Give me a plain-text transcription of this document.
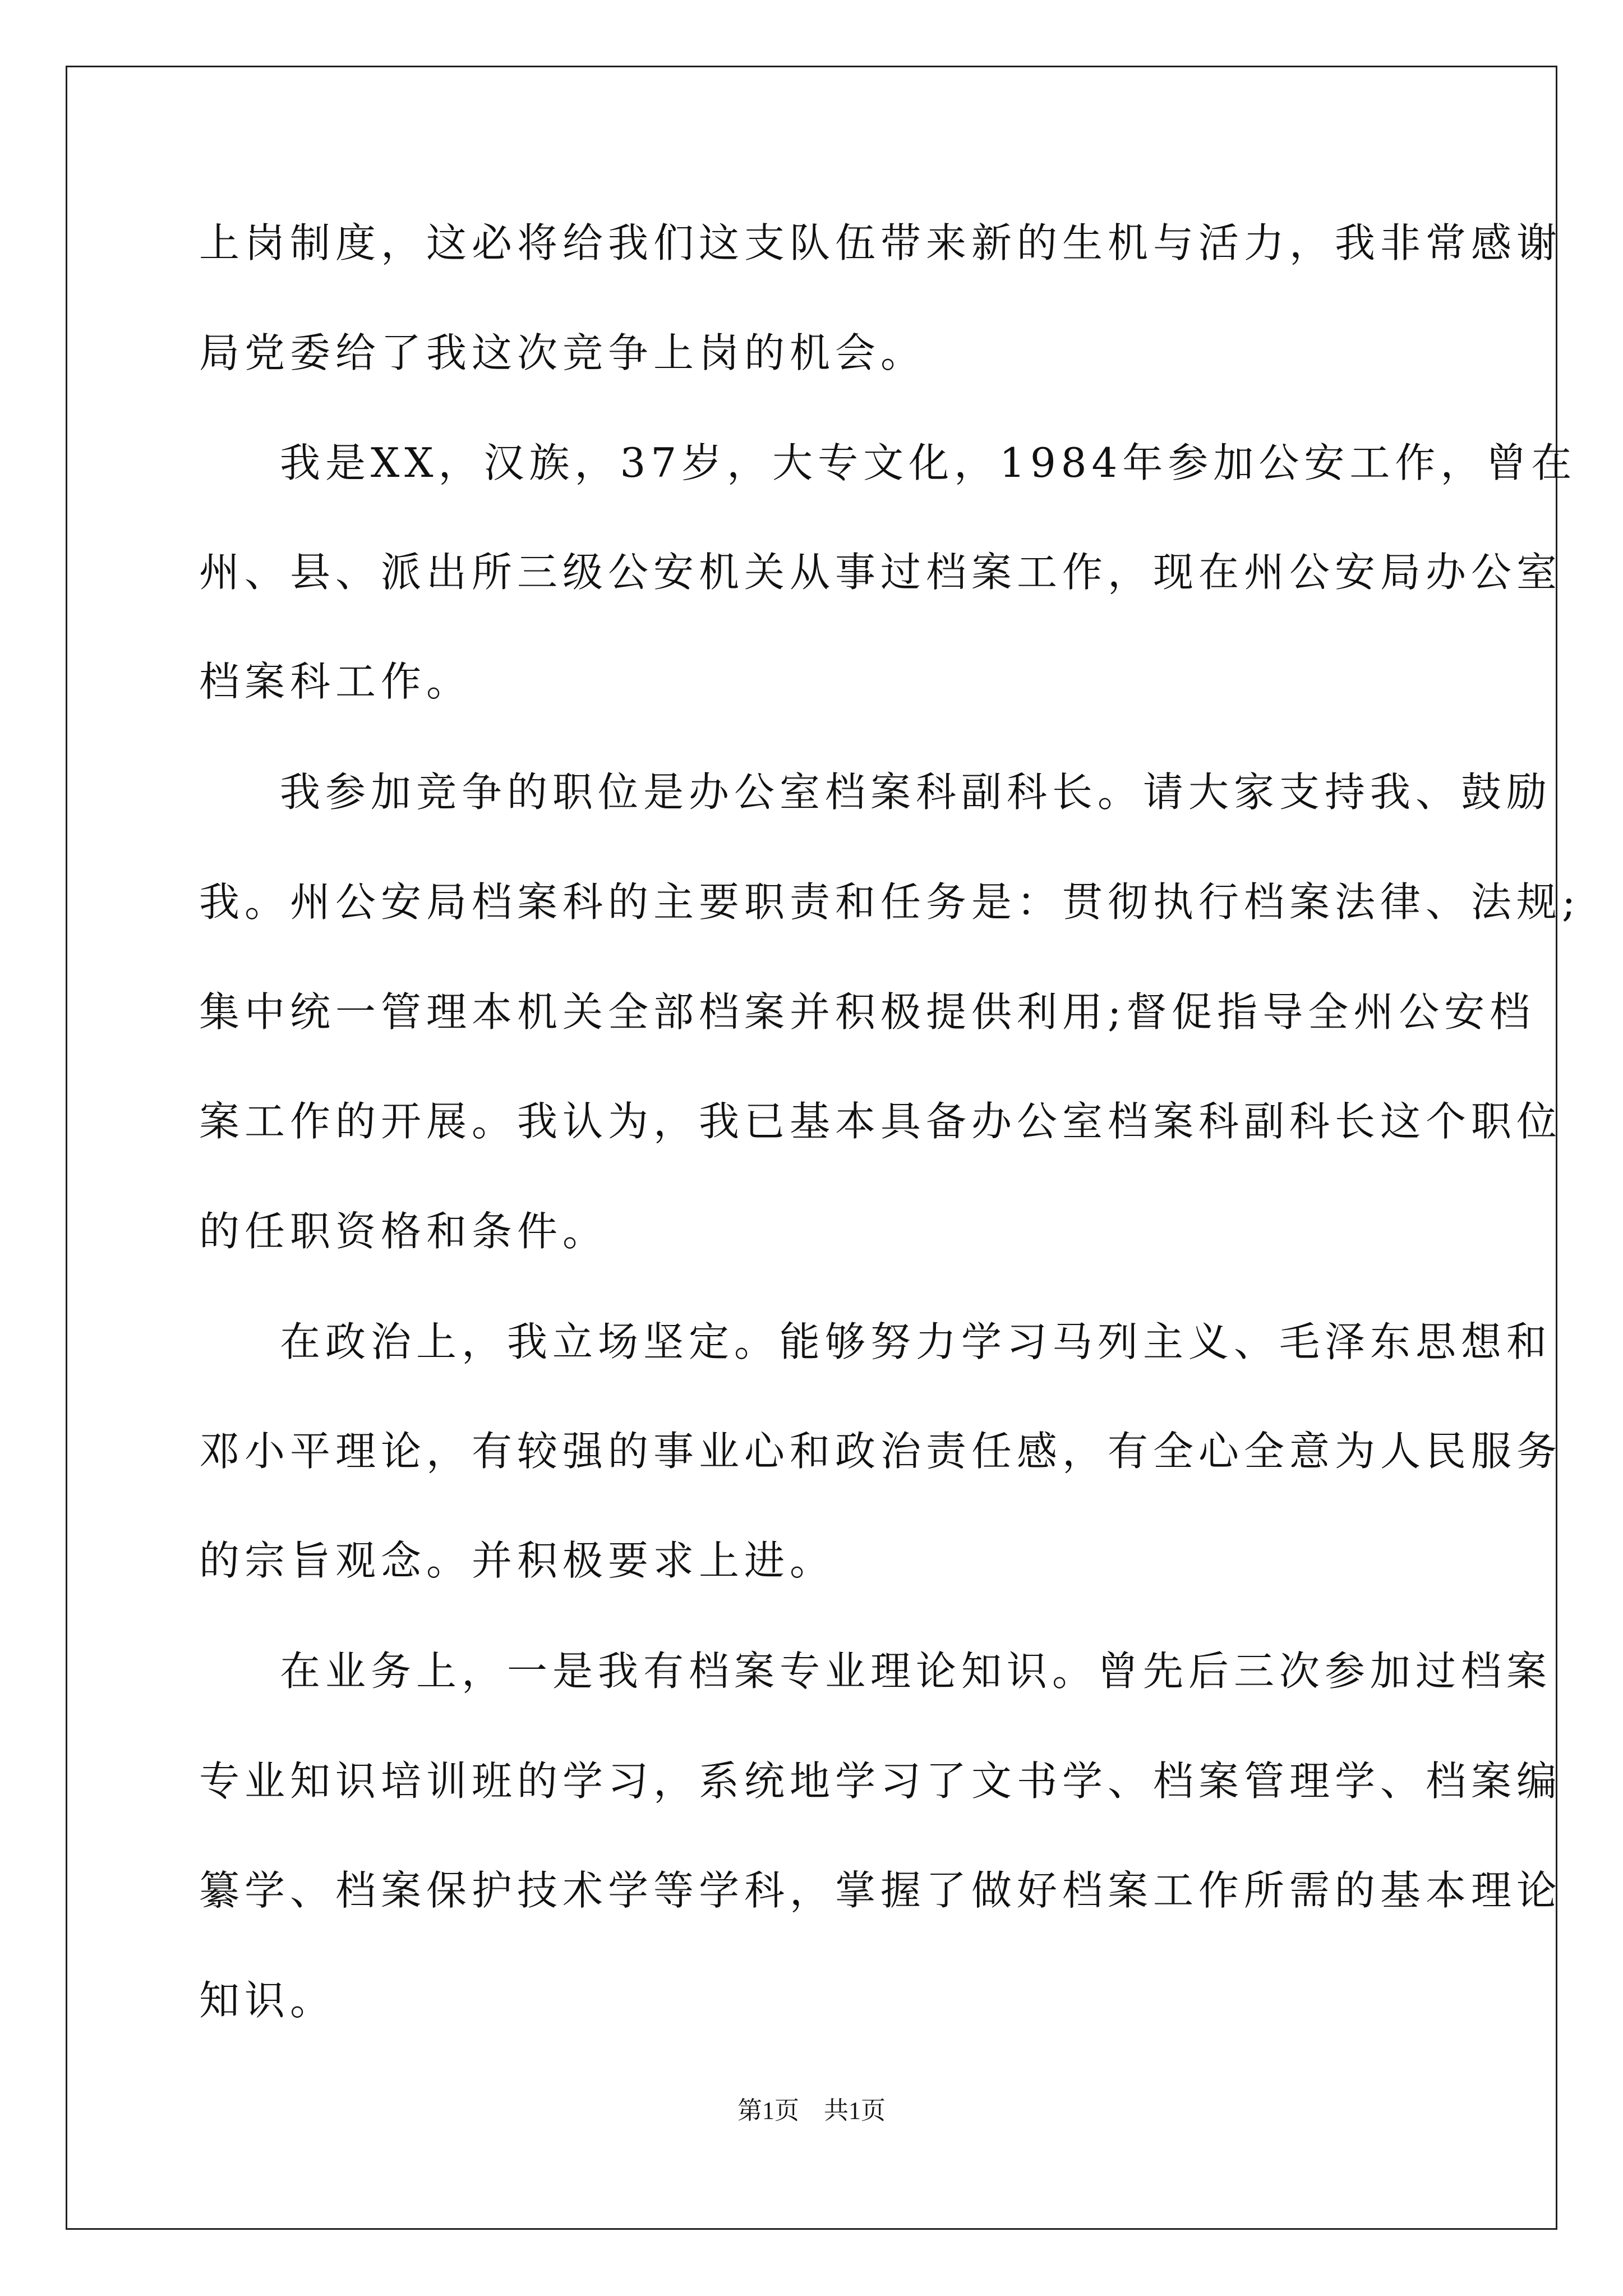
上岗制度，这必将给我们这支队伍带来新的生机与活力，我非常感谢
局党委给了我这次竞争上岗的机会。
我是XX，汉族，37岁，大专文化，1984年参加公安工作，曾在
州、县、派出所三级公安机关从事过档案工作，现在州公安局办公室
档案科工作。
我参加竞争的职位是办公室档案科副科长。请大家支持我、鼓励
我。州公安局档案科的主要职责和任务是：贯彻执行档案法律、法规;
集中统一管理本机关全部档案并积极提供利用;督促指导全州公安档
案工作的开展。我认为，我已基本具备办公室档案科副科长这个职位
的任职资格和条件。
在政治上，我立场坚定。能够努力学习马列主义、毛泽东思想和
邓小平理论，有较强的事业心和政治责任感，有全心全意为人民服务
的宗旨观念。并积极要求上进。
在业务上，一是我有档案专业理论知识。曾先后三次参加过档案
专业知识培训班的学习，系统地学习了文书学、档案管理学、档案编
纂学、档案保护技术学等学科，掌握了做好档案工作所需的基本理论
知识。
第1页　共1页
